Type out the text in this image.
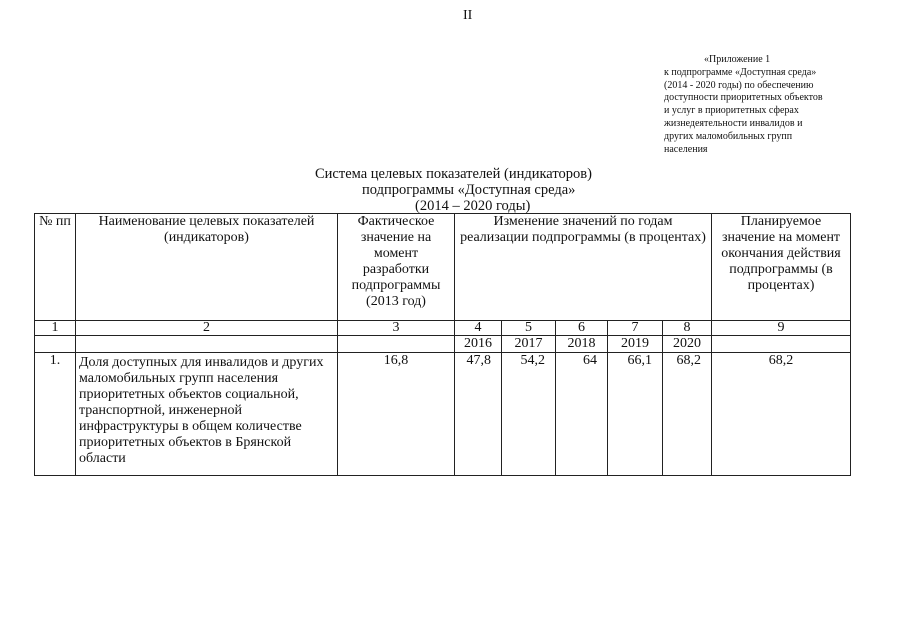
II
«Приложение 1
к подпрограмме «Доступная среда»
(2014 - 2020 годы) по обеспечению
доступности приоритетных объектов
и услуг в приоритетных сферах
жизнедеятельности инвалидов и
других маломобильных групп
населения
Система целевых показателей (индикаторов)
подпрограммы «Доступная среда»
(2014 – 2020 годы)
№ пп	Наименование целевых показателей (индикаторов)	Фактическое значение на момент разработки подпрограммы (2013 год)	Изменение значений по годам реализации подпрограммы (в процентах)					Планируемое значение на момент окончания действия подпрограммы (в процентах)
1	2	3	4	5	6	7	8	9
			2016	2017	2018	2019	2020	
1.	Доля доступных для инвалидов и других маломобильных групп населения приоритетных объектов социальной, транспортной, инженерной инфраструктуры в общем количестве приоритетных объектов в Брянской области	16,8	47,8	54,2	64	66,1	68,2	68,2
